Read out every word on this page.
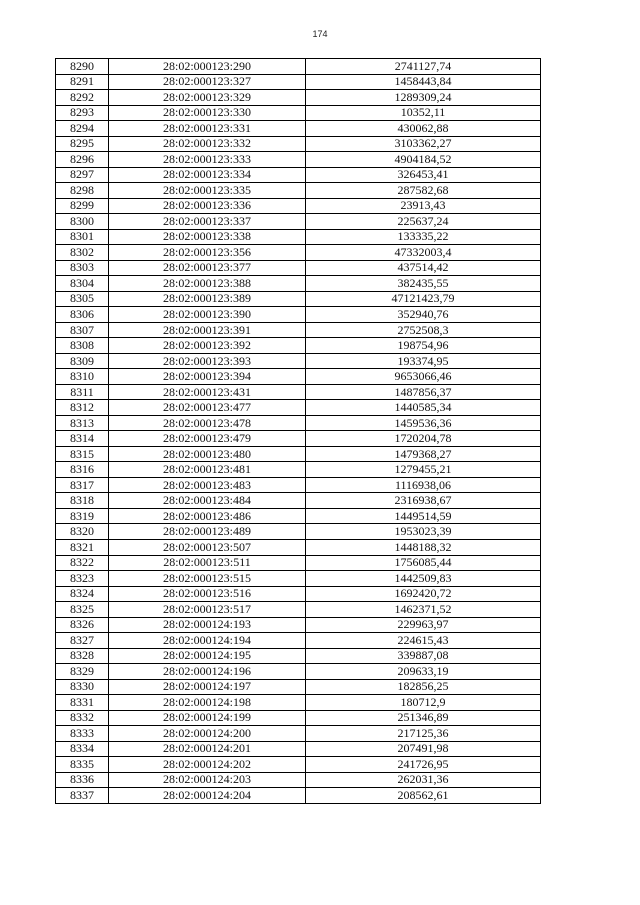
174
8290	28:02:000123:290	2741127,74
8291	28:02:000123:327	1458443,84
8292	28:02:000123:329	1289309,24
8293	28:02:000123:330	10352,11
8294	28:02:000123:331	430062,88
8295	28:02:000123:332	3103362,27
8296	28:02:000123:333	4904184,52
8297	28:02:000123:334	326453,41
8298	28:02:000123:335	287582,68
8299	28:02:000123:336	23913,43
8300	28:02:000123:337	225637,24
8301	28:02:000123:338	133335,22
8302	28:02:000123:356	47332003,4
8303	28:02:000123:377	437514,42
8304	28:02:000123:388	382435,55
8305	28:02:000123:389	47121423,79
8306	28:02:000123:390	352940,76
8307	28:02:000123:391	2752508,3
8308	28:02:000123:392	198754,96
8309	28:02:000123:393	193374,95
8310	28:02:000123:394	9653066,46
8311	28:02:000123:431	1487856,37
8312	28:02:000123:477	1440585,34
8313	28:02:000123:478	1459536,36
8314	28:02:000123:479	1720204,78
8315	28:02:000123:480	1479368,27
8316	28:02:000123:481	1279455,21
8317	28:02:000123:483	1116938,06
8318	28:02:000123:484	2316938,67
8319	28:02:000123:486	1449514,59
8320	28:02:000123:489	1953023,39
8321	28:02:000123:507	1448188,32
8322	28:02:000123:511	1756085,44
8323	28:02:000123:515	1442509,83
8324	28:02:000123:516	1692420,72
8325	28:02:000123:517	1462371,52
8326	28:02:000124:193	229963,97
8327	28:02:000124:194	224615,43
8328	28:02:000124:195	339887,08
8329	28:02:000124:196	209633,19
8330	28:02:000124:197	182856,25
8331	28:02:000124:198	180712,9
8332	28:02:000124:199	251346,89
8333	28:02:000124:200	217125,36
8334	28:02:000124:201	207491,98
8335	28:02:000124:202	241726,95
8336	28:02:000124:203	262031,36
8337	28:02:000124:204	208562,61
